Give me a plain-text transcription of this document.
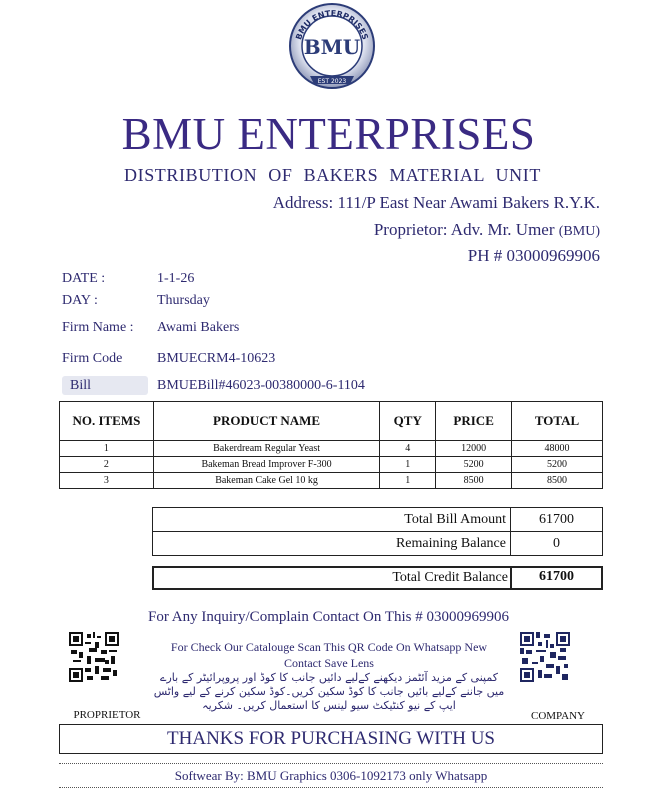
BMU ENTERPRISES
BMU
EST 2023
BMU ENTERPRISES
DISTRIBUTION OF BAKERS MATERIAL UNIT
Address: 111/P East Near Awami Bakers R.Y.K.
Proprietor: Adv. Mr. Umer (BMU)
PH # 03000969906
DATE :	1-1-26
DAY :	Thursday
Firm Name : Awami Bakers
Firm Code BMUECRM4-10623
Bill	BMUEBill#46023-00380000-6-1104
NO. ITEMS	PRODUCT NAME	QTY	PRICE	TOTAL
1	Bakerdream Regular Yeast	4	12000	48000
2	Bakeman Bread Improver F-300	1	5200	5200
3	Bakeman Cake Gel 10 kg	1	8500	8500
Total Bill Amount	61700
Remaining Balance	0
Total Credit Balance	61700
For Any Inquiry/Complain Contact On This # 03000969906
PROPRIETOR
For Check Our Catalouge Scan This QR Code On Whatsapp New Contact Save Lens
کمپنی کے مزید آئٹمز دیکھنے کےلیے دائیں جانب کا کوڈ اور پروپرائیٹر کے بارے میں جاننے کےلیے بائیں جانب کا کوڈ سکین کریں۔کوڈ سکین کرنے کے لیے واٹس ایپ کے نیو کنٹیکٹ سیو لینس کا استعمال کریں۔ شکریہ
COMPANY
THANKS FOR PURCHASING WITH US
Softwear By: BMU Graphics 0306-1092173 only Whatsapp
